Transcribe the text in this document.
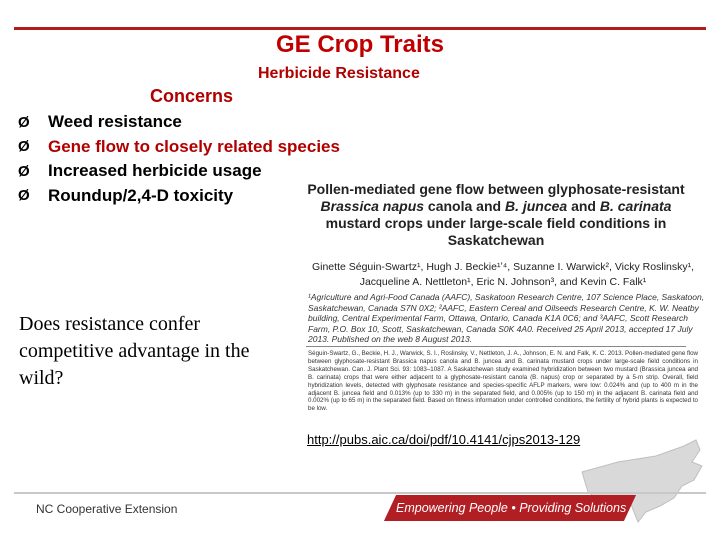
GE Crop Traits
Herbicide Resistance
Concerns
Ø	Weed resistance
Ø	Gene flow to closely related species
Ø	Increased herbicide usage
Ø	Roundup/2,4-D toxicity	Pollen-mediated gene flow between glyphosate-resistant
Brassica napus canola and B. juncea and B. carinata
mustard crops under large-scale field conditions in Saskatchewan
Ginette Séguin-Swartz¹, Hugh J. Beckie¹ʼ⁴, Suzanne I. Warwick², Vicky Roslinsky¹,
Jacqueline A. Nettleton¹, Eric N. Johnson³, and Kevin C. Falk¹
¹Agriculture and Agri-Food Canada (AAFC), Saskatoon Research Centre, 107 Science Place, Saskatoon, Saskatchewan, Canada S7N 0X2; ²AAFC, Eastern Cereal and Oilseeds Research Centre, K. W. Neatby building, Central Experimental Farm, Ottawa, Ontario, Canada K1A 0C6; and ³AAFC, Scott Research Farm, P.O. Box 10, Scott, Saskatchewan, Canada S0K 4A0. Received 25 April 2013, accepted 17 July 2013. Published on the web 8 August 2013.
Séguin-Swartz, G., Beckie, H. J., Warwick, S. I., Roslinsky, V., Nettleton, J. A., Johnson, E. N. and Falk, K. C. 2013. Pollen-mediated gene flow between glyphosate-resistant Brassica napus canola and B. juncea and B. carinata mustard crops under large-scale field conditions in Saskatchewan. Can. J. Plant Sci. 93: 1083–1087. A Saskatchewan study examined hybridization between two mustard (Brassica juncea and B. carinata) crops that were either adjacent to a glyphosate-resistant canola (B. napus) crop or separated by a 5-m strip. Overall, field hybridization levels, detected with glyphosate resistance and species-specific AFLP markers, were low: 0.024% and (up to 400 m in the adjacent B. juncea field and 0.013% (up to 330 m) in the separated field, and 0.005% (up to 150 m) in the adjacent B. carinata field and 0.002% (up to 65 m) in the separated field. Based on fitness information under controlled conditions, the fertility of hybrid plants is expected to be low.
Does resistance confer competitive advantage in the wild?
http://pubs.aic.ca/doi/pdf/10.4141/cjps2013-129
NC Cooperative Extension	Empowering People • Providing Solutions
